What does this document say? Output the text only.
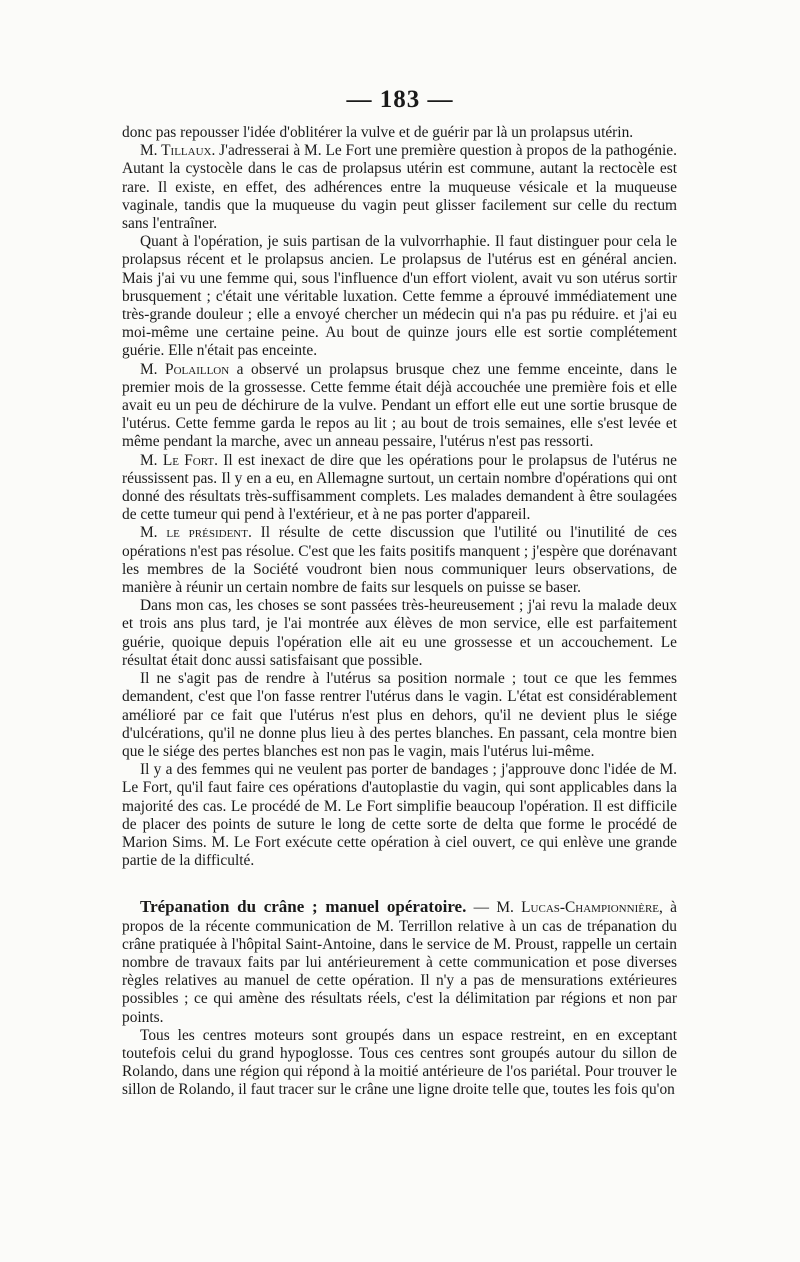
— 183 —

donc pas repousser l'idée d'oblitérer la vulve et de guérir par là un prolapsus utérin.

M. Tillaux. J'adresserai à M. Le Fort une première question à propos de la pathogénie. Autant la cystocèle dans le cas de prolapsus utérin est commune, autant la rectocèle est rare. Il existe, en effet, des adhérences entre la muqueuse vésicale et la muqueuse vaginale, tandis que la muqueuse du vagin peut glisser facilement sur celle du rectum sans l'entraîner.

Quant à l'opération, je suis partisan de la vulvorrhaphie. Il faut distinguer pour cela le prolapsus récent et le prolapsus ancien. Le prolapsus de l'utérus est en général ancien. Mais j'ai vu une femme qui, sous l'influence d'un effort violent, avait vu son utérus sortir brusquement ; c'était une véritable luxation. Cette femme a éprouvé immédiatement une très-grande douleur ; elle a envoyé chercher un médecin qui n'a pas pu réduire. et j'ai eu moi-même une certaine peine. Au bout de quinze jours elle est sortie complétement guérie. Elle n'était pas enceinte.

M. Polaillon a observé un prolapsus brusque chez une femme enceinte, dans le premier mois de la grossesse. Cette femme était déjà accouchée une première fois et elle avait eu un peu de déchirure de la vulve. Pendant un effort elle eut une sortie brusque de l'utérus. Cette femme garda le repos au lit ; au bout de trois semaines, elle s'est levée et même pendant la marche, avec un anneau pessaire, l'utérus n'est pas ressorti.

M. Le Fort. Il est inexact de dire que les opérations pour le prolapsus de l'utérus ne réussissent pas. Il y en a eu, en Allemagne surtout, un certain nombre d'opérations qui ont donné des résultats très-suffisamment complets. Les malades demandent à être soulagées de cette tumeur qui pend à l'extérieur, et à ne pas porter d'appareil.

M. le président. Il résulte de cette discussion que l'utilité ou l'inutilité de ces opérations n'est pas résolue. C'est que les faits positifs manquent ; j'espère que dorénavant les membres de la Société voudront bien nous communiquer leurs observations, de manière à réunir un certain nombre de faits sur lesquels on puisse se baser.

Dans mon cas, les choses se sont passées très-heureusement ; j'ai revu la malade deux et trois ans plus tard, je l'ai montrée aux élèves de mon service, elle est parfaitement guérie, quoique depuis l'opération elle ait eu une grossesse et un accouchement. Le résultat était donc aussi satisfaisant que possible.

Il ne s'agit pas de rendre à l'utérus sa position normale ; tout ce que les femmes demandent, c'est que l'on fasse rentrer l'utérus dans le vagin. L'état est considérablement amélioré par ce fait que l'utérus n'est plus en dehors, qu'il ne devient plus le siége d'ulcérations, qu'il ne donne plus lieu à des pertes blanches. En passant, cela montre bien que le siége des pertes blanches est non pas le vagin, mais l'utérus lui-même.

Il y a des femmes qui ne veulent pas porter de bandages ; j'approuve donc l'idée de M. Le Fort, qu'il faut faire ces opérations d'autoplastie du vagin, qui sont applicables dans la majorité des cas. Le procédé de M. Le Fort simplifie beaucoup l'opération. Il est difficile de placer des points de suture le long de cette sorte de delta que forme le procédé de Marion Sims. M. Le Fort exécute cette opération à ciel ouvert, ce qui enlève une grande partie de la difficulté.

Trépanation du crâne ; manuel opératoire. — M. Lucas-Championnière, à propos de la récente communication de M. Terrillon relative à un cas de trépanation du crâne pratiquée à l'hôpital Saint-Antoine, dans le service de M. Proust, rappelle un certain nombre de travaux faits par lui antérieurement à cette communication et pose diverses règles relatives au manuel de cette opération. Il n'y a pas de mensurations extérieures possibles ; ce qui amène des résultats réels, c'est la délimitation par régions et non par points.

Tous les centres moteurs sont groupés dans un espace restreint, en en exceptant toutefois celui du grand hypoglosse. Tous ces centres sont groupés autour du sillon de Rolando, dans une région qui répond à la moitié antérieure de l'os pariétal. Pour trouver le sillon de Rolando, il faut tracer sur le crâne une ligne droite telle que, toutes les fois qu'on
